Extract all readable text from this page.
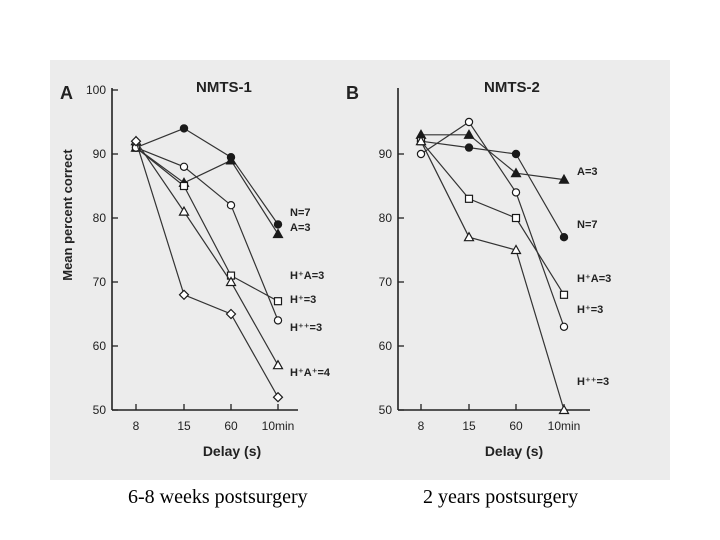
50
60
70
80
90
100
8	15	60 10min
A	NMTS-1
Delay (s)
Mean percent correct	N=7
A=3
H⁺A=3
H⁺=3
H⁺⁺=3
H⁺A⁺=4
50
60
70
80
90
8	15	60 10min
B	NMTS-2
Delay (s)
A=3
N=7
H⁺A=3
H⁺=3
H⁺⁺=3
6-8 weeks postsurgery	2 years postsurgery
